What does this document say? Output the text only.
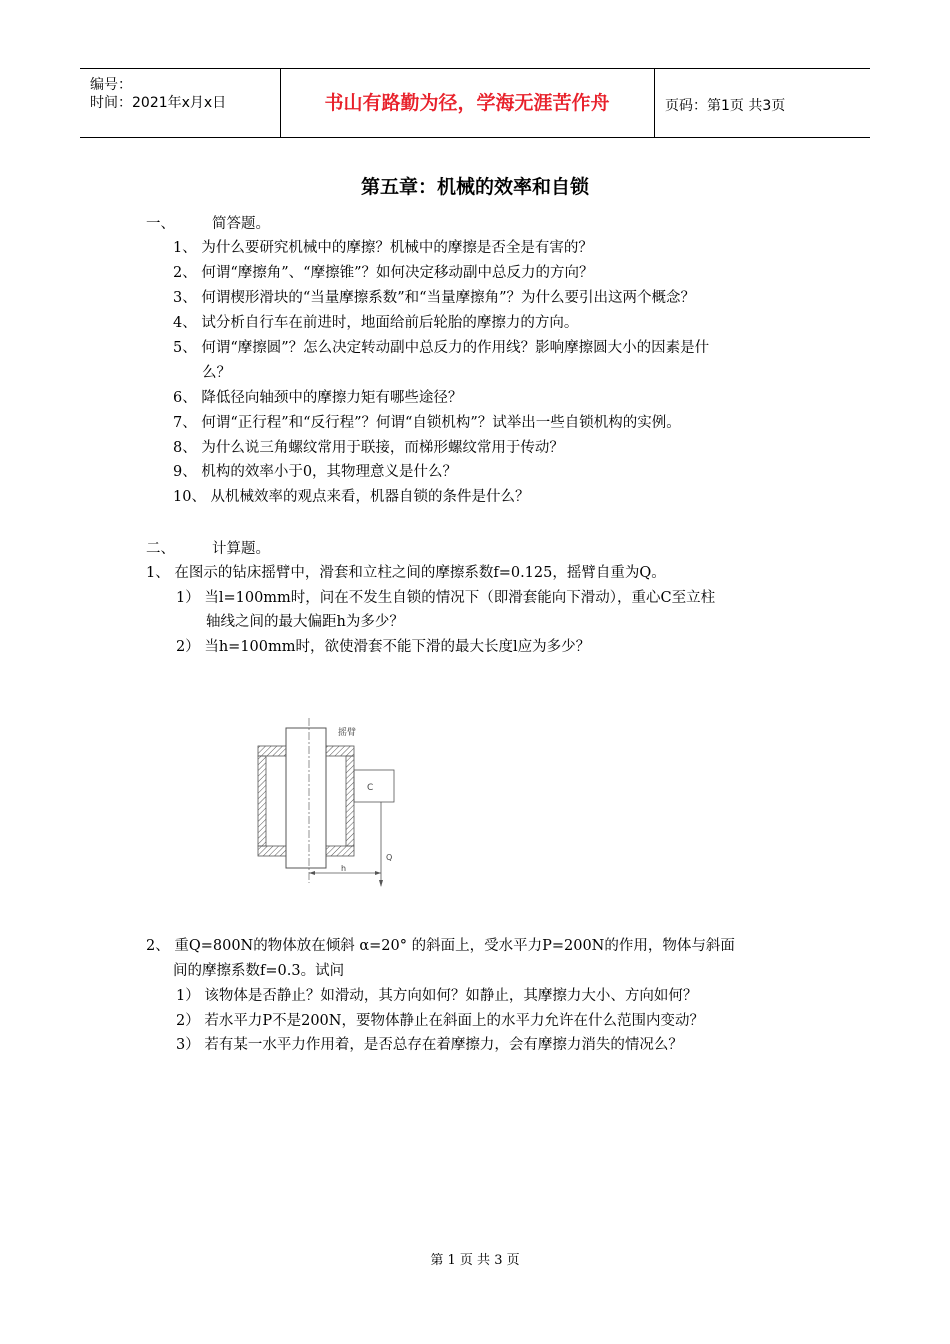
编号：
时间：2021年x月x日	书山有路勤为径，学海无涯苦作舟	页码：第1页 共3页
第五章：机械的效率和自锁
一、	简答题。
1、 为什么要研究机械中的摩擦？机械中的摩擦是否全是有害的？
2、 何谓“摩擦角”、“摩擦锥”？如何决定移动副中总反力的方向？
3、 何谓楔形滑块的“当量摩擦系数”和“当量摩擦角”？为什么要引出这两个概念？
4、 试分析自行车在前进时，地面给前后轮胎的摩擦力的方向。
5、 何谓“摩擦圆”？怎么决定转动副中总反力的作用线？影响摩擦圆大小的因素是什
么？
6、 降低径向轴颈中的摩擦力矩有哪些途径？
7、 何谓“正行程”和“反行程”？何谓“自锁机构”？试举出一些自锁机构的实例。
8、 为什么说三角螺纹常用于联接，而梯形螺纹常用于传动？
9、 机构的效率小于0，其物理意义是什么？
10、 从机械效率的观点来看，机器自锁的条件是什么？
二、	计算题。
1、 在图示的钻床摇臂中，滑套和立柱之间的摩擦系数f=0.125，摇臂自重为Q。
1） 当l=100mm时，问在不发生自锁的情况下（即滑套能向下滑动），重心C至立柱
轴线之间的最大偏距h为多少？
2） 当h=100mm时，欲使滑套不能下滑的最大长度l应为多少？
C
摇臂
Q
h
2、 重Q=800N的物体放在倾斜 α=20° 的斜面上，受水平力P=200N的作用，物体与斜面
间的摩擦系数f=0.3。试问
1） 该物体是否静止？如滑动，其方向如何？如静止，其摩擦力大小、方向如何？
2） 若水平力P不是200N，要物体静止在斜面上的水平力允许在什么范围内变动？
3） 若有某一水平力作用着，是否总存在着摩擦力，会有摩擦力消失的情况么？
第 1 页 共 3 页
